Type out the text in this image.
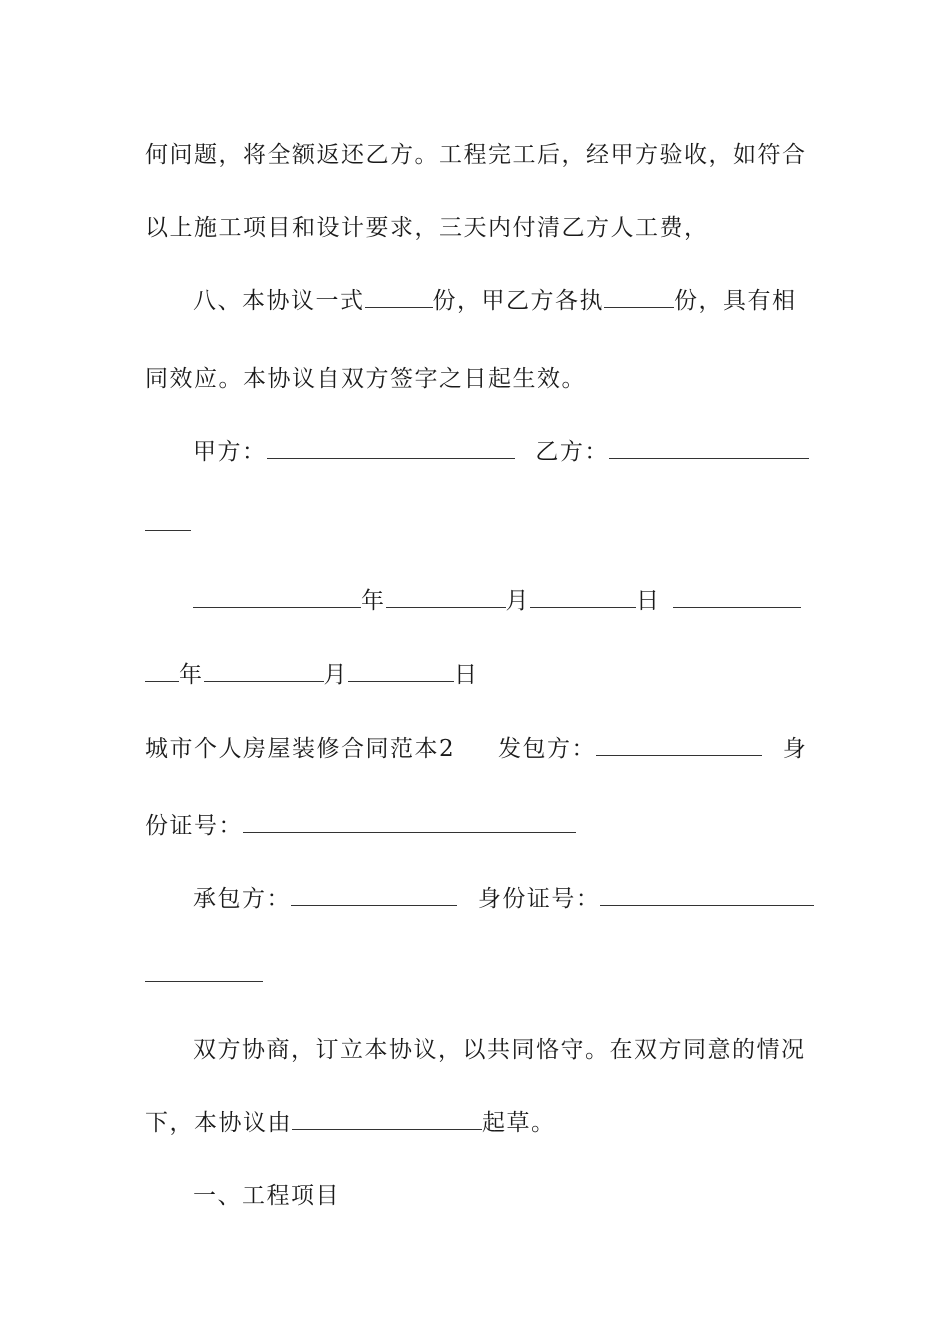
何问题，将全额返还乙方。工程完工后，经甲方验收，如符合
以上施工项目和设计要求，三天内付清乙方人工费，
八、本协议一式	份，甲乙方各执	份，具有相
同效应。本协议自双方签字之日起生效。
甲方：	乙方：
年	月	日
年	月	日
城市个人房屋装修合同范本2 发包方：	身
份证号：
承包方：	身份证号：
双方协商，订立本协议，以共同恪守。在双方同意的情况
下，本协议由	起草。
一、工程项目
